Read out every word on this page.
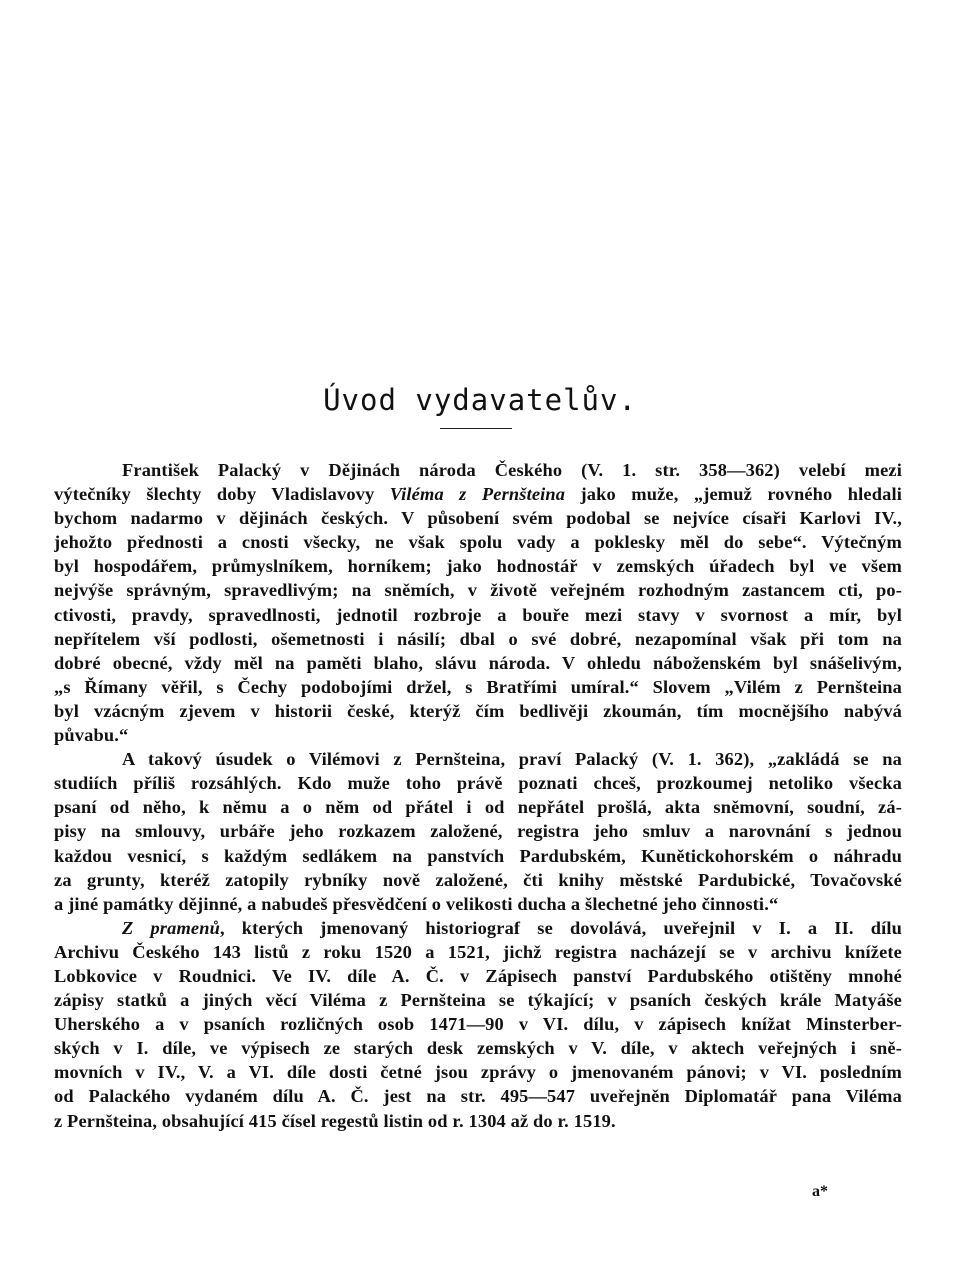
Úvod vydavatelův.
František Palacký v Dějinách národa Českého (V. 1. str. 358—362) velebí mezi
výtečníky šlechty doby Vladislavovy Viléma z Pernšteina jako muže, „jemuž rovného hledali
bychom nadarmo v dějinách českých. V působení svém podobal se nejvíce císaři Karlovi IV.,
jehožto přednosti a cnosti všecky, ne však spolu vady a poklesky měl do sebe“. Výtečným
byl hospodářem, průmyslníkem, horníkem; jako hodnostář v zemských úřadech byl ve všem
nejvýše správným, spravedlivým; na sněmích, v životě veřejném rozhodným zastancem cti, po-
ctivosti, pravdy, spravedlnosti, jednotil rozbroje a bouře mezi stavy v svornost a mír, byl
nepřítelem vší podlosti, ošemetnosti i násilí; dbal o své dobré, nezapomínal však při tom na
dobré obecné, vždy měl na paměti blaho, slávu národa. V ohledu náboženském byl snášelivým,
„s Římany věřil, s Čechy podobojími držel, s Bratřími umíral.“ Slovem „Vilém z Pernšteina
byl vzácným zjevem v historii české, kterýž čím bedlivěji zkoumán, tím mocnějšího nabývá
půvabu.“
A takový úsudek o Vilémovi z Pernšteina, praví Palacký (V. 1. 362), „zakládá se na
studiích příliš rozsáhlých. Kdo muže toho právě poznati chceš, prozkoumej netoliko všecka
psaní od něho, k němu a o něm od přátel i od nepřátel prošlá, akta sněmovní, soudní, zá-
pisy na smlouvy, urbáře jeho rozkazem založené, registra jeho smluv a narovnání s jednou
každou vesnicí, s každým sedlákem na panstvích Pardubském, Kunětickohorském o náhradu
za grunty, kteréž zatopily rybníky nově založené, čti knihy městské Pardubické, Tovačovské
a jiné památky dějinné, a nabudeš přesvědčení o velikosti ducha a šlechetné jeho činnosti.“
Z pramenů, kterých jmenovaný historiograf se dovolává, uveřejnil v I. a II. dílu
Archivu Českého 143 listů z roku 1520 a 1521, jichž registra nacházejí se v archivu knížete
Lobkovice v Roudnici. Ve IV. díle A. Č. v Zápisech panství Pardubského otištěny mnohé
zápisy statků a jiných věcí Viléma z Pernšteina se týkající; v psaních českých krále Matyáše
Uherského a v psaních rozličných osob 1471—90 v VI. dílu, v zápisech knížat Minsterber-
ských v I. díle, ve výpisech ze starých desk zemských v V. díle, v aktech veřejných i sně-
movních v IV., V. a VI. díle dosti četné jsou zprávy o jmenovaném pánovi; v VI. posledním
od Palackého vydaném dílu A. Č. jest na str. 495—547 uveřejněn Diplomatář pana Viléma
z Pernšteina, obsahující 415 čísel regestů listin od r. 1304 až do r. 1519.
a*
